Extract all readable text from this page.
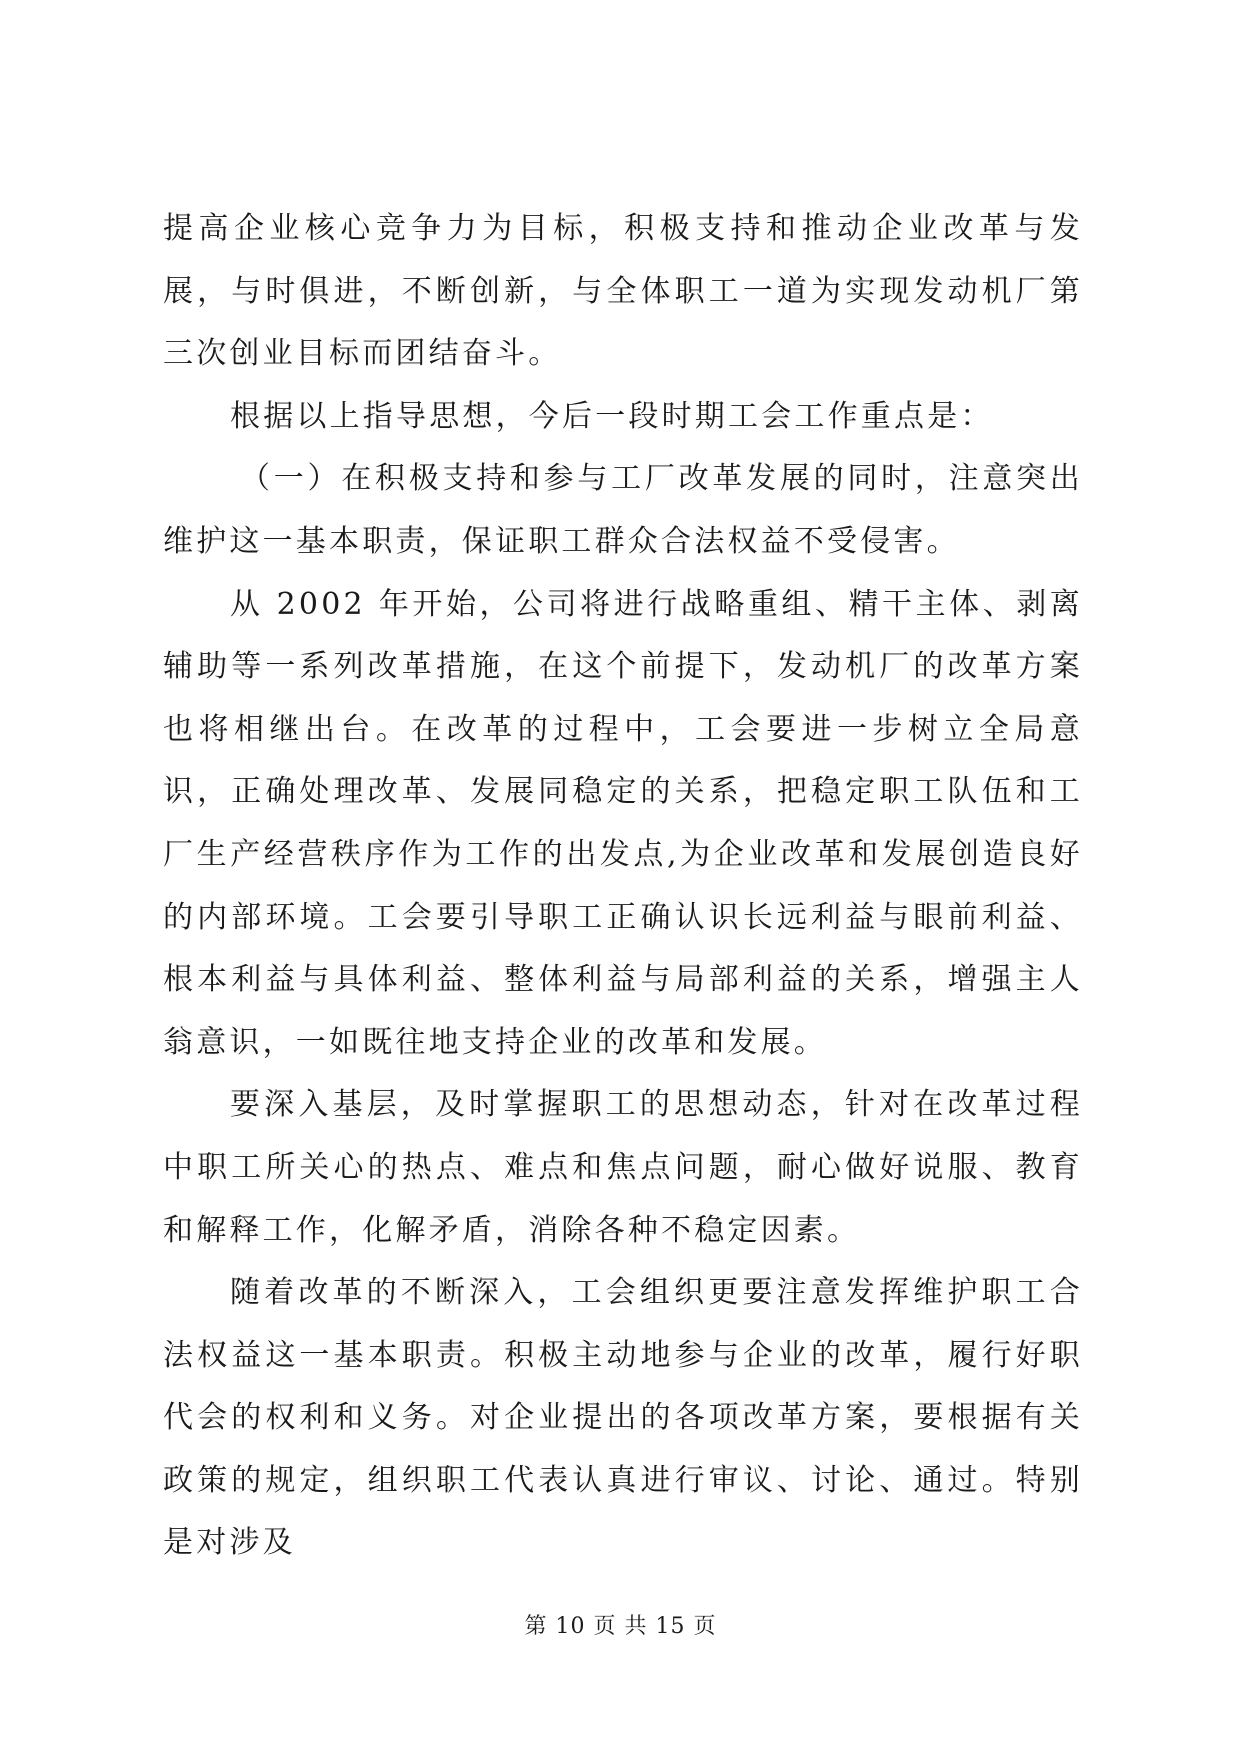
提高企业核心竞争力为目标，积极支持和推动企业改革与发展，与时俱进，不断创新，与全体职工一道为实现发动机厂第三次创业目标而团结奋斗。

根据以上指导思想，今后一段时期工会工作重点是：

（一）在积极支持和参与工厂改革发展的同时，注意突出维护这一基本职责，保证职工群众合法权益不受侵害。

从 2002 年开始，公司将进行战略重组、精干主体、剥离辅助等一系列改革措施，在这个前提下，发动机厂的改革方案也将相继出台。在改革的过程中，工会要进一步树立全局意识，正确处理改革、发展同稳定的关系，把稳定职工队伍和工厂生产经营秩序作为工作的出发点,为企业改革和发展创造良好的内部环境。工会要引导职工正确认识长远利益与眼前利益、根本利益与具体利益、整体利益与局部利益的关系，增强主人翁意识，一如既往地支持企业的改革和发展。

要深入基层，及时掌握职工的思想动态，针对在改革过程中职工所关心的热点、难点和焦点问题，耐心做好说服、教育和解释工作，化解矛盾，消除各种不稳定因素。

随着改革的不断深入，工会组织更要注意发挥维护职工合法权益这一基本职责。积极主动地参与企业的改革，履行好职代会的权利和义务。对企业提出的各项改革方案，要根据有关政策的规定，组织职工代表认真进行审议、讨论、通过。特别是对涉及

第 10 页 共 15 页
